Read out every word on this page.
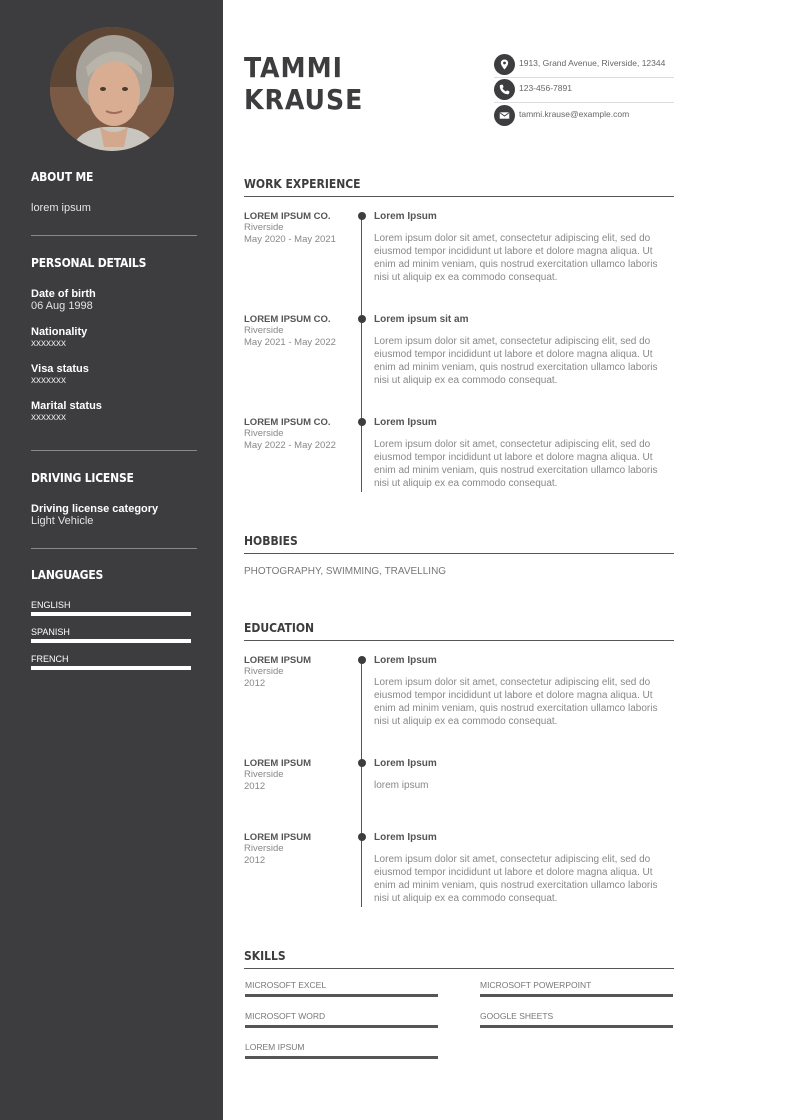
ABOUT ME
lorem ipsum
PERSONAL DETAILS
Date of birth
06 Aug 1998
Nationality
xxxxxxx
Visa status
xxxxxxx
Marital status
xxxxxxx
DRIVING LICENSE
Driving license category
Light Vehicle
LANGUAGES
ENGLISH
SPANISH
FRENCH
TAMMI
KRAUSE
1913, Grand Avenue, Riverside, 12344
123-456-7891
tammi.krause@example.com
WORK EXPERIENCE
LOREM IPSUM CO.
Riverside
May 2020 - May 2021
Lorem Ipsum
Lorem ipsum dolor sit amet, consectetur adipiscing elit, sed do eiusmod tempor incididunt ut labore et dolore magna aliqua. Ut enim ad minim veniam, quis nostrud exercitation ullamco laboris nisi ut aliquip ex ea commodo consequat.
LOREM IPSUM CO.
Riverside
May 2021 - May 2022
Lorem ipsum sit am
Lorem ipsum dolor sit amet, consectetur adipiscing elit, sed do eiusmod tempor incididunt ut labore et dolore magna aliqua. Ut enim ad minim veniam, quis nostrud exercitation ullamco laboris nisi ut aliquip ex ea commodo consequat.
LOREM IPSUM CO.
Riverside
May 2022 - May 2022
Lorem Ipsum
Lorem ipsum dolor sit amet, consectetur adipiscing elit, sed do eiusmod tempor incididunt ut labore et dolore magna aliqua. Ut enim ad minim veniam, quis nostrud exercitation ullamco laboris nisi ut aliquip ex ea commodo consequat.
HOBBIES
PHOTOGRAPHY, SWIMMING, TRAVELLING
EDUCATION
LOREM IPSUM
Riverside
2012
Lorem Ipsum
Lorem ipsum dolor sit amet, consectetur adipiscing elit, sed do eiusmod tempor incididunt ut labore et dolore magna aliqua. Ut enim ad minim veniam, quis nostrud exercitation ullamco laboris nisi ut aliquip ex ea commodo consequat.
LOREM IPSUM
Riverside
2012
Lorem Ipsum
lorem ipsum
LOREM IPSUM
Riverside
2012
Lorem Ipsum
Lorem ipsum dolor sit amet, consectetur adipiscing elit, sed do eiusmod tempor incididunt ut labore et dolore magna aliqua. Ut enim ad minim veniam, quis nostrud exercitation ullamco laboris nisi ut aliquip ex ea commodo consequat.
SKILLS
MICROSOFT EXCEL	MICROSOFT POWERPOINT
MICROSOFT WORD	GOOGLE SHEETS
LOREM IPSUM
